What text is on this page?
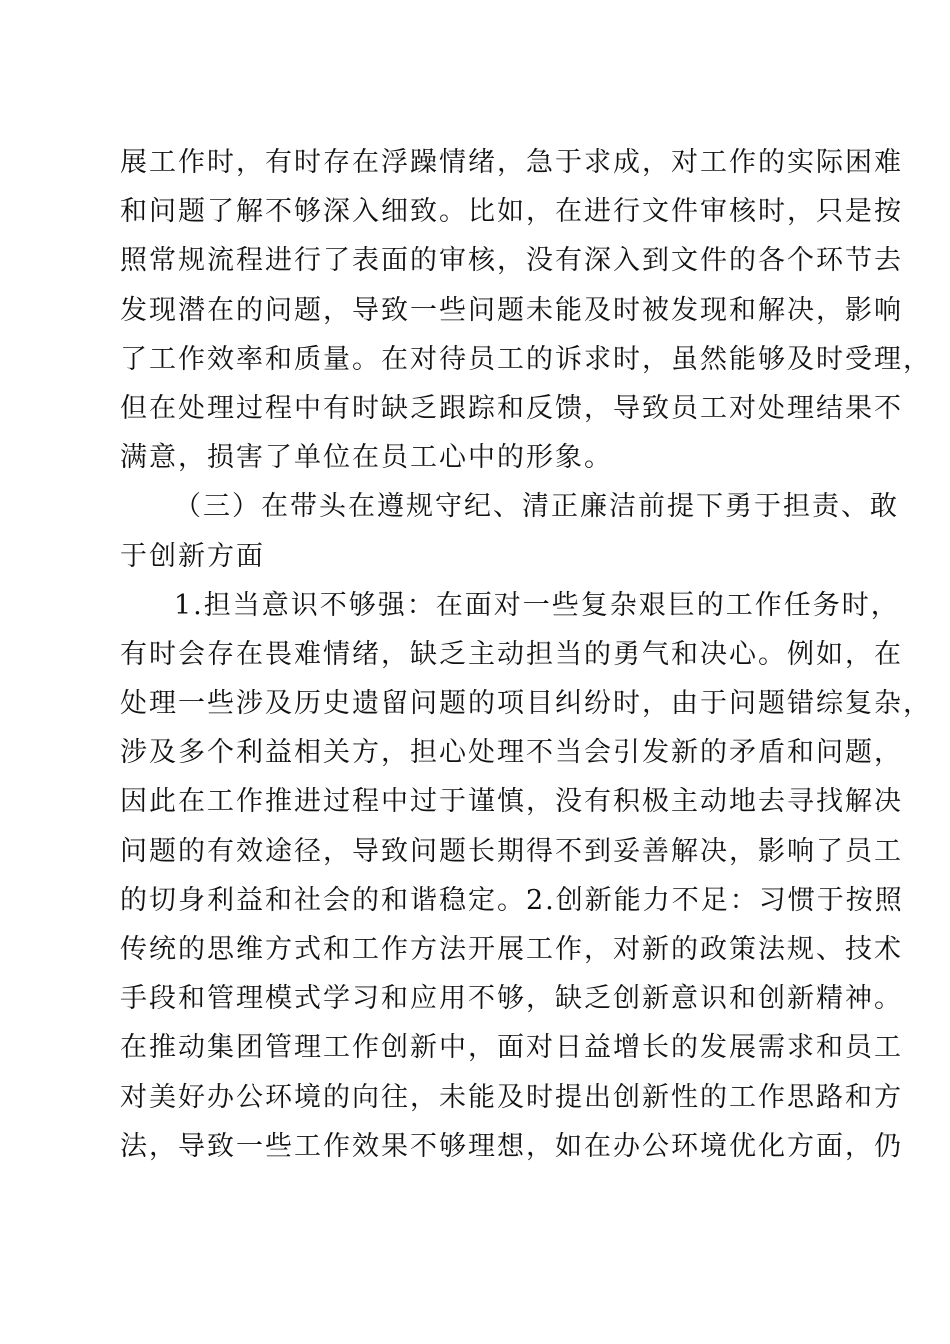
展工作时，有时存在浮躁情绪，急于求成，对工作的实际困难
和问题了解不够深入细致。比如，在进行文件审核时，只是按
照常规流程进行了表面的审核，没有深入到文件的各个环节去
发现潜在的问题，导致一些问题未能及时被发现和解决，影响
了工作效率和质量。在对待员工的诉求时，虽然能够及时受理，
但在处理过程中有时缺乏跟踪和反馈，导致员工对处理结果不
满意，损害了单位在员工心中的形象。
（三）在带头在遵规守纪、清正廉洁前提下勇于担责、敢
于创新方面
1.担当意识不够强：在面对一些复杂艰巨的工作任务时，
有时会存在畏难情绪，缺乏主动担当的勇气和决心。例如，在
处理一些涉及历史遗留问题的项目纠纷时，由于问题错综复杂，
涉及多个利益相关方，担心处理不当会引发新的矛盾和问题，
因此在工作推进过程中过于谨慎，没有积极主动地去寻找解决
问题的有效途径，导致问题长期得不到妥善解决，影响了员工
的切身利益和社会的和谐稳定。2.创新能力不足：习惯于按照
传统的思维方式和工作方法开展工作，对新的政策法规、技术
手段和管理模式学习和应用不够，缺乏创新意识和创新精神。
在推动集团管理工作创新中，面对日益增长的发展需求和员工
对美好办公环境的向往，未能及时提出创新性的工作思路和方
法，导致一些工作效果不够理想，如在办公环境优化方面，仍
